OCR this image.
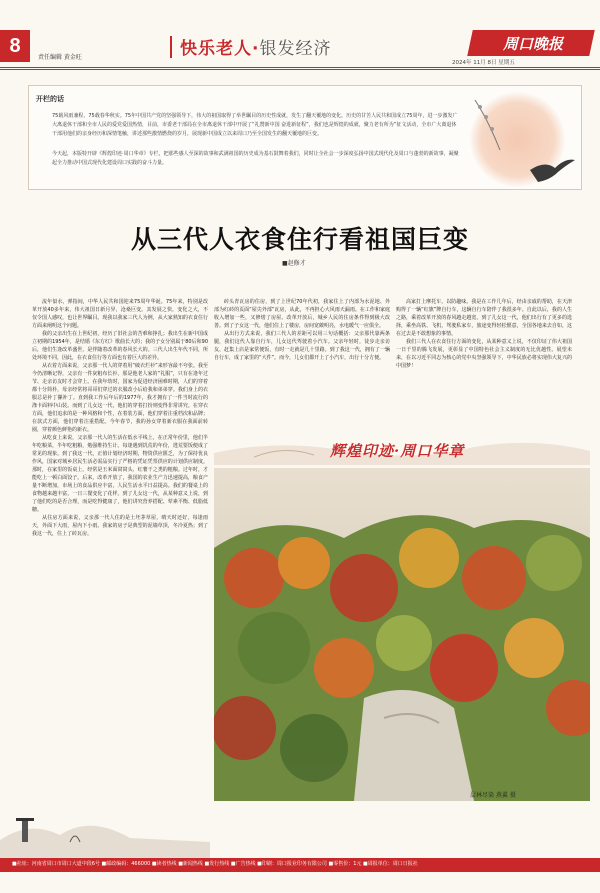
8
责任编辑 黄金旺	快乐老人·银发经济	周口晚报
2024年 11月 8日 星期五
开栏的话
75载风雨兼程，75载春华秋实。75年中国共产党的坚强领导下，伟大的祖国取得了举世瞩目的历史性成就，发生了翻天覆地的变化。历史的甘苦人民共和国成立75周年，进一步激发广大离退休干部和全市人民的爱党爱国热情，目前，市委老干部局在全市离退休干部中开展了“礼赞新中国 奋进新征程”，我们也是辉煌的成就，聚力老有所为”征文活动，全市广大离退休干部用他们的亲身经历和深情笔触，讲述那些激情燃烧的岁月，展现新中国成立以来周口乃至全国发生的翻天覆地的巨变。
今天起，本版特开辟《辉煌印迹·周口华章》专栏，把那些感人至深的故事和武满祖国的历史成为基石鼓舞着我们，同时让全社会一步深度弘扬中国式现代化及周口与蓬勃的新故事，凝聚起全力推动中国式现代化建设周口实践的奋斗力量。
从三代人衣食住行看祖国巨变
■赵修才

流年似水，弹指间，中华人民共和国迎来75周年华诞。75年来，特别是改革开放40多年来，伟大祖国日新月异，沧桑巨变。其发展之快，变化之大，不仅令国人感叹，也让世界瞩目。现我以我家三代人为例，从大家熟知的衣食住行方面来阐明这个问题。

我的父亲出生在上世纪初，经历了旧社会的苦难和挣扎；我出生在新中国成立初期的1954年，是结婚《东方红》歌曲长大的；我的子女分别属于80后和90后，他们生逢改革盛世，是伴随着改革的春风长大的。三代人出生年代不同，所处环境不同，因此，在衣食住行等方面也有着巨大的差异。

从衣着方面来说，父亲那一代人的穿着用“破衣烂衫”来形容最不夸张。我至今仍清晰记得，父亲有一件灰粗布长衫，那是他老人家的“礼服”，只有在逢年过节、走亲访友时才会穿上。在我年幼时，国家为促进经济困难时期，人们的穿着都十分简朴，母亲经常将哥哥们穿过的衣服改小后给我和弟弟穿。我们身上的衣服总是补丁摞补丁。直到我工作后年后的1977年，我才拥有了一件当时流行的涤卡面料中山装。而到了儿女这一代，他们的穿着打扮则变得非常讲究。在穿衣方面，他们追求的是一种风格和个性，在着装方面，他们穿着注重档次和品牌；在款式方面，他们穿着注重搭配。今年春节，我的孙女穿着新衣服在我面前转圈，穿着颜色鲜艳的新衣。

从吃食上来说，父亲那一代人的生活在低水平线上，在正常年份里，他们半年吃粮菜，半年吃粗粮，勉强维持生计。每逢遇到饥荒的年份，逃荒要饭便成了常见的现象。到了我这一代，正值计划经济时期，物资供应匮乏，为了保持优良作风，国家对城乡居民生活必需品实行了严格的凭证凭票供应的计划供应制度。那时，在家里的饭桌上，经常是玉米面窝窝头、红薯干之类的粗粮。过年时，才能吃上一顿白面饺子。后来，改革开放了，我国的农业生产力迅速提高，粮食产量不断增加，市场上的食品供应丰富，人民生活水平日益提高。我们的餐桌上的食物越来越丰富，一日三餐变化了花样。到了儿女这一代，从某种意义上说，到了他们吃的是否合理，而是吃得健康了，他们讲究营养搭配、荤素平衡、低脂低糖。

从住房方面来说，父亲那一代人住的是土坯茅草屋，晴天时还好，每逢雨天，外面下大雨，屋内下小雨。我家的房子是典型的泥墙草顶，冬冷夏热；到了我这一代，住上了砖瓦房。

砖头青瓦房的住房，到了上世纪70年代初，我家住上了内部为水泥地、外部为红砖的页面“屋尖外部”瓦房，从此，不再担心大风雨天漏雨。在工作和家庭收入增加一些，又修缮了房屋。改革开放后，城乡人民的住房条件得到极大改善。到了子女这一代，他们住上了楼房，房间宽敞明亮，水电暖气一应俱全。

从出行方式来说，我们三代人的差距可以用三句话概括：父亲那代靠两条腿，我们这代人靠自行车，儿女这代驾驶着小汽车。父亲年轻时，徒步走亲访友、赶集上店是家常便饭，有时一走就是几十里路。到了我这一代，拥有了一辆自行车，成了家里的“大件”。而今，儿女们都开上了小汽车，出行十分方便。

高家打上摩托车，以防趣味。我是在工作几年后，经由亲戚的帮助，在天津购得了一辆“红旗”牌自行车，这辆自行车陪伴了我很多年。自此以后，我的人生之路，乘着改革开放的春风越走越宽。到了儿女这一代，他们出行有了更多的选择，乘坐高铁、飞机，驾驶私家车，旅途变得轻松惬意，全国各地来去自如，这在过去是不敢想象的事情。

我们三代人在衣食住行方面的变化，从某种意义上说，不仅印证了伟大祖国一日千里的腾飞发展，更彰显了中国特色社会主义制度的无比优越性。展望未来，在以习近平同志为核心的党中央坚强领导下，中华民族必将实现伟大复兴的中国梦！

辉煌印迹·周口华章
层林尽染 燕翼 摄
■社址：河南省周口市周口大道中段6号 ■邮政编码：466000 ■读者热线 ■新闻热线 ■发行热线 ■广告热线 ■印刷：周口报业印务有限公司 ■零售价：1元 ■周报单位：周口日报社
